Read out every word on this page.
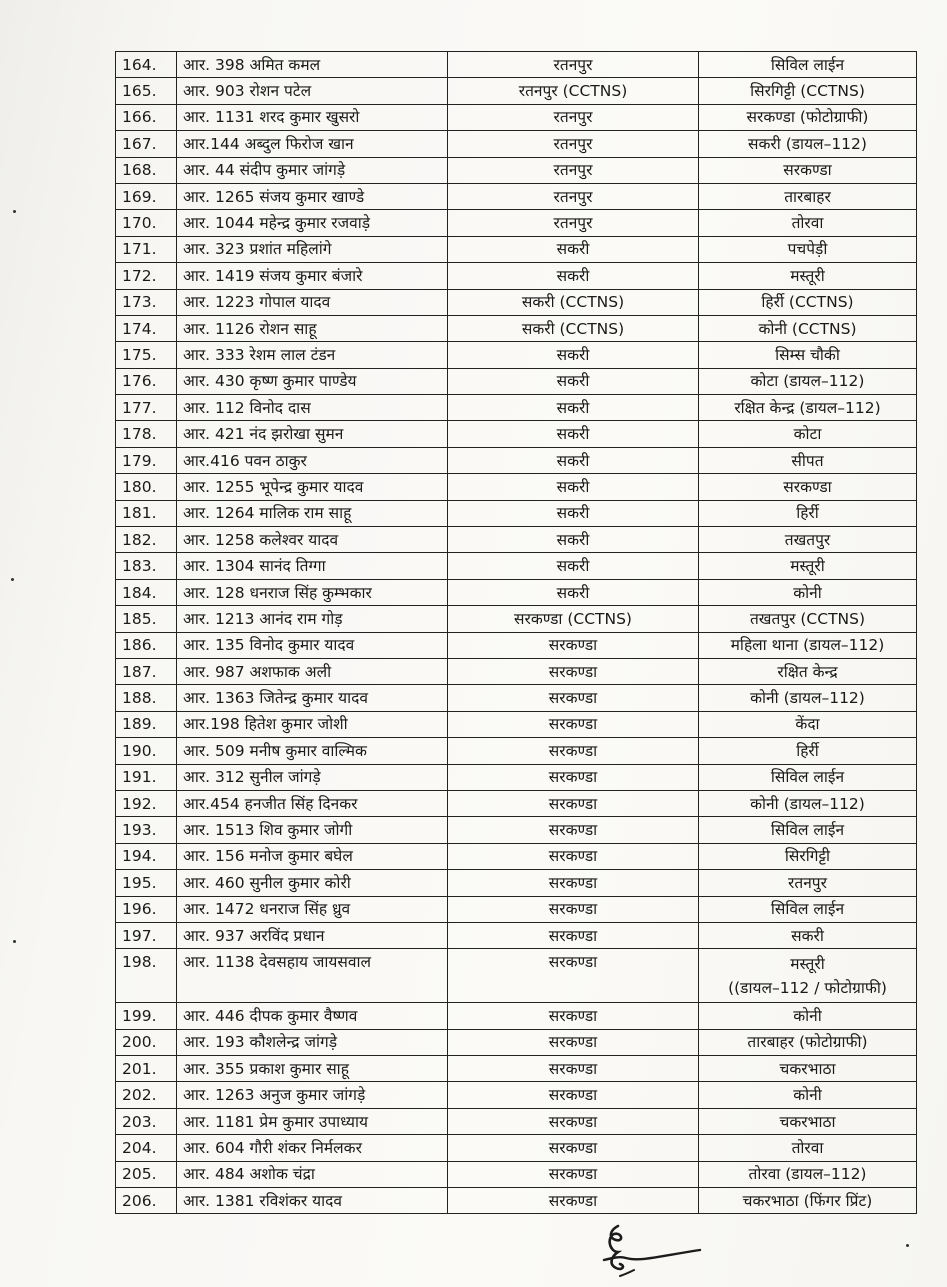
164.	आर. 398 अमित कमल	रतनपुर	सिविल लाईन
165.	आर. 903 रोशन पटेल	रतनपुर (CCTNS)	सिरगिट्टी (CCTNS)
166.	आर. 1131 शरद कुमार खुसरो	रतनपुर	सरकण्डा (फोटोग्राफी)
167.	आर.144 अब्दुल फिरोज खान	रतनपुर	सकरी (डायल–112)
168.	आर. 44 संदीप कुमार जांगड़े	रतनपुर	सरकण्डा
169.	आर. 1265 संजय कुमार खाण्डे	रतनपुर	तारबाहर
170.	आर. 1044 महेन्द्र कुमार रजवाड़े	रतनपुर	तोरवा
171.	आर. 323 प्रशांत महिलांगे	सकरी	पचपेड़ी
172.	आर. 1419 संजय कुमार बंजारे	सकरी	मस्तूरी
173.	आर. 1223 गोपाल यादव	सकरी (CCTNS)	हिर्री (CCTNS)
174.	आर. 1126 रोशन साहू	सकरी (CCTNS)	कोनी (CCTNS)
175.	आर. 333 रेशम लाल टंडन	सकरी	सिम्स चौकी
176.	आर. 430 कृष्ण कुमार पाण्डेय	सकरी	कोटा (डायल–112)
177.	आर. 112 विनोद दास	सकरी	रक्षित केन्द्र (डायल–112)
178.	आर. 421 नंद झरोखा सुमन	सकरी	कोटा
179.	आर.416 पवन ठाकुर	सकरी	सीपत
180.	आर. 1255 भूपेन्द्र कुमार यादव	सकरी	सरकण्डा
181.	आर. 1264 मालिक राम साहू	सकरी	हिर्री
182.	आर. 1258 कलेश्वर यादव	सकरी	तखतपुर
183.	आर. 1304 सानंद तिग्गा	सकरी	मस्तूरी
184.	आर. 128 धनराज सिंह कुम्भकार	सकरी	कोनी
185.	आर. 1213 आनंद राम गोड़	सरकण्डा (CCTNS)	तखतपुर (CCTNS)
186.	आर. 135 विनोद कुमार यादव	सरकण्डा	महिला थाना (डायल–112)
187.	आर. 987 अशफाक अली	सरकण्डा	रक्षित केन्द्र
188.	आर. 1363 जितेन्द्र कुमार यादव	सरकण्डा	कोनी (डायल–112)
189.	आर.198 हितेश कुमार जोशी	सरकण्डा	केंदा
190.	आर. 509 मनीष कुमार वाल्मिक	सरकण्डा	हिर्री
191.	आर. 312 सुनील जांगड़े	सरकण्डा	सिविल लाईन
192.	आर.454 हनजीत सिंह दिनकर	सरकण्डा	कोनी (डायल–112)
193.	आर. 1513 शिव कुमार जोगी	सरकण्डा	सिविल लाईन
194.	आर. 156 मनोज कुमार बघेल	सरकण्डा	सिरगिट्टी
195.	आर. 460 सुनील कुमार कोरी	सरकण्डा	रतनपुर
196.	आर. 1472 धनराज सिंह ध्रुव	सरकण्डा	सिविल लाईन
197.	आर. 937 अरविंद प्रधान	सरकण्डा	सकरी
198.	आर. 1138 देवसहाय जायसवाल	सरकण्डा	मस्तूरी
((डायल–112 / फोटोग्राफी)

199.	आर. 446 दीपक कुमार वैष्णव	सरकण्डा	कोनी
200.	आर. 193 कौशलेन्द्र जांगड़े	सरकण्डा	तारबाहर (फोटोग्राफी)
201.	आर. 355 प्रकाश कुमार साहू	सरकण्डा	चकरभाठा
202.	आर. 1263 अनुज कुमार जांगड़े	सरकण्डा	कोनी
203.	आर. 1181 प्रेम कुमार उपाध्याय	सरकण्डा	चकरभाठा
204.	आर. 604 गौरी शंकर निर्मलकर	सरकण्डा	तोरवा
205.	आर. 484 अशोक चंद्रा	सरकण्डा	तोरवा (डायल–112)
206.	आर. 1381 रविशंकर यादव	सरकण्डा	चकरभाठा (फिंगर प्रिंट)
